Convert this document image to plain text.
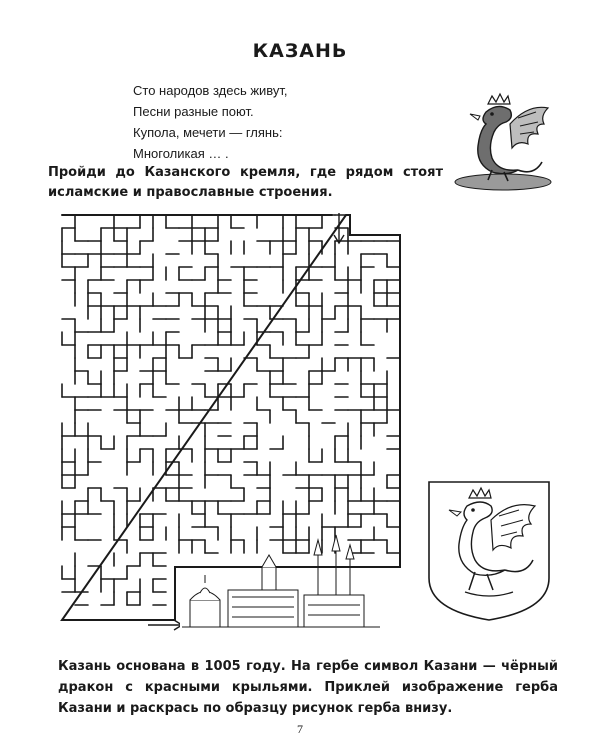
КАЗАНЬ
Сто народов здесь живут,
Песни разные поют.
Купола, мечети — глянь:
Многоликая … .
Пройди до Казанского кремля, где рядом стоят исламские и православные строения.
Казань основана в 1005 году. На гербе символ Казани — чёрный дракон с красными крыльями. Приклей изображение герба Казани и раскрась по образцу рисунок герба внизу.
7
